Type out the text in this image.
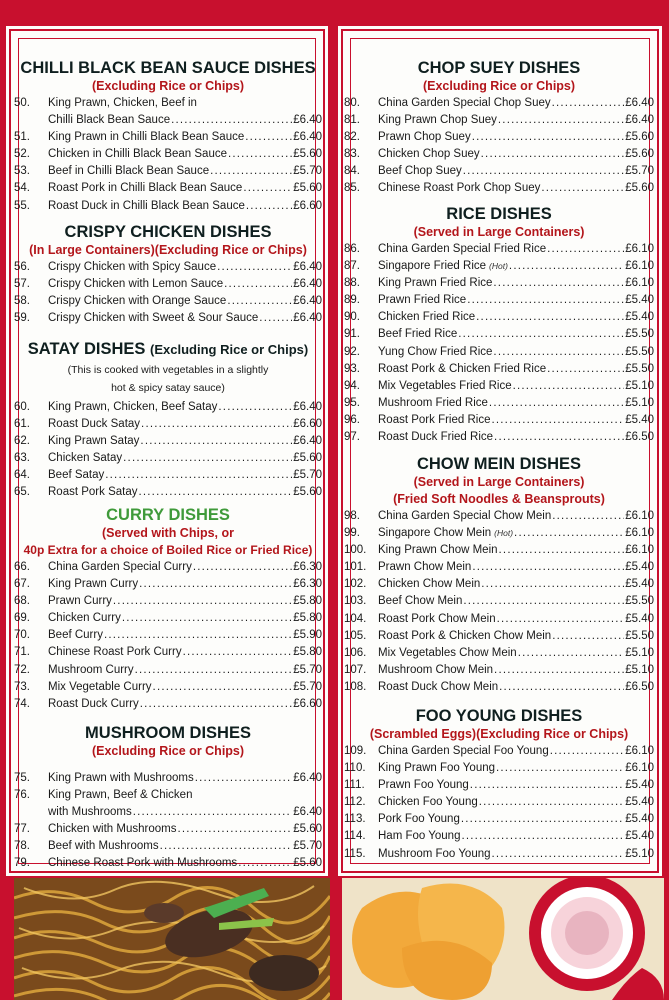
CHILLI BLACK BEAN SAUCE DISHES
(Excluding Rice or Chips)
50.	King Prawn, Chicken, Beef in
Chilli Black Bean Sauce .....	£6.40
51.	King Prawn in Chilli Black Bean Sauce .....	£6.40
52.	Chicken in Chilli Black Bean Sauce .....	£5.60
53.	Beef in Chilli Black Bean Sauce .....	£5.70
54.	Roast Pork in Chilli Black Bean Sauce .....	£5.60
55.	Roast Duck in Chilli Black Bean Sauce .....	£6.60
CRISPY CHICKEN DISHES
(In Large Containers)(Excluding Rice or Chips)
56.	Crispy Chicken with Spicy Sauce .....	£6.40
57.	Crispy Chicken with Lemon Sauce .....	£6.40
58.	Crispy Chicken with Orange Sauce .....	£6.40
59.	Crispy Chicken with Sweet & Sour Sauce .....	£6.40
SATAY DISHES (Excluding Rice or Chips)
(This is cooked with vegetables in a slightly
hot & spicy satay sauce)
60.	King Prawn, Chicken, Beef Satay .....	£6.40
61.	Roast Duck Satay .....	£6.60
62.	King Prawn Satay .....	£6.40
63.	Chicken Satay .....	£5.60
64.	Beef Satay .....	£5.70
65.	Roast Pork Satay .....	£5.60
CURRY DISHES
(Served with Chips, or
40p Extra for a choice of Boiled Rice or Fried Rice)
66.	China Garden Special Curry .....	£6.30
67.	King Prawn Curry .....	£6.30
68.	Prawn Curry .....	£5.80
69.	Chicken Curry .....	£5.80
70.	Beef Curry .....	£5.90
71.	Chinese Roast Pork Curry .....	£5.80
72.	Mushroom Curry .....	£5.70
73.	Mix Vegetable Curry .....	£5.70
74.	Roast Duck Curry .....	£6.60
MUSHROOM DISHES
(Excluding Rice or Chips)
75.	King Prawn with Mushrooms .....	£6.40
76.	King Prawn, Beef & Chicken
with Mushrooms .....	£6.40
77.	Chicken with Mushrooms .....	£5.60
78.	Beef with Mushrooms .....	£5.70
79.	Chinese Roast Pork with Mushrooms .....	£5.60
CHOP SUEY DISHES
(Excluding Rice or Chips)
80.	China Garden Special Chop Suey .....	£6.40
81.	King Prawn Chop Suey .....	£6.40
82.	Prawn Chop Suey .....	£5.60
83.	Chicken Chop Suey .....	£5.60
84.	Beef Chop Suey .....	£5.70
85.	Chinese Roast Pork Chop Suey .....	£5.60
RICE DISHES
(Served in Large Containers)
86.	China Garden Special Fried Rice .....	£6.10
87.	Singapore Fried Rice (Hot) .....	£6.10
88.	King Prawn Fried Rice .....	£6.10
89.	Prawn Fried Rice .....	£5.40
90.	Chicken Fried Rice .....	£5.40
91.	Beef Fried Rice .....	£5.50
92.	Yung Chow Fried Rice .....	£5.50
93.	Roast Pork & Chicken Fried Rice .....	£5.50
94.	Mix Vegetables Fried Rice .....	£5.10
95.	Mushroom Fried Rice .....	£5.10
96.	Roast Pork Fried Rice .....	£5.40
97.	Roast Duck Fried Rice .....	£6.50
CHOW MEIN DISHES
(Served in Large Containers)
(Fried Soft Noodles & Beansprouts)
98.	China Garden Special Chow Mein .....	£6.10
99.	Singapore Chow Mein (Hot) .....	£6.10
100.	King Prawn Chow Mein .....	£6.10
101.	Prawn Chow Mein .....	£5.40
102.	Chicken Chow Mein .....	£5.40
103.	Beef Chow Mein .....	£5.50
104.	Roast Pork Chow Mein .....	£5.40
105.	Roast Pork & Chicken Chow Mein .....	£5.50
106.	Mix Vegetables Chow Mein .....	£5.10
107.	Mushroom Chow Mein .....	£5.10
108.	Roast Duck Chow Mein .....	£6.50
FOO YOUNG DISHES
(Scrambled Eggs)(Excluding Rice or Chips)
109.	China Garden Special Foo Young .....	£6.10
110.	King Prawn Foo Young .....	£6.10
111.	Prawn Foo Young .....	£5.40
112.	Chicken Foo Young .....	£5.40
113.	Pork Foo Young .....	£5.40
114.	Ham Foo Young .....	£5.40
115.	Mushroom Foo Young .....	£5.10
